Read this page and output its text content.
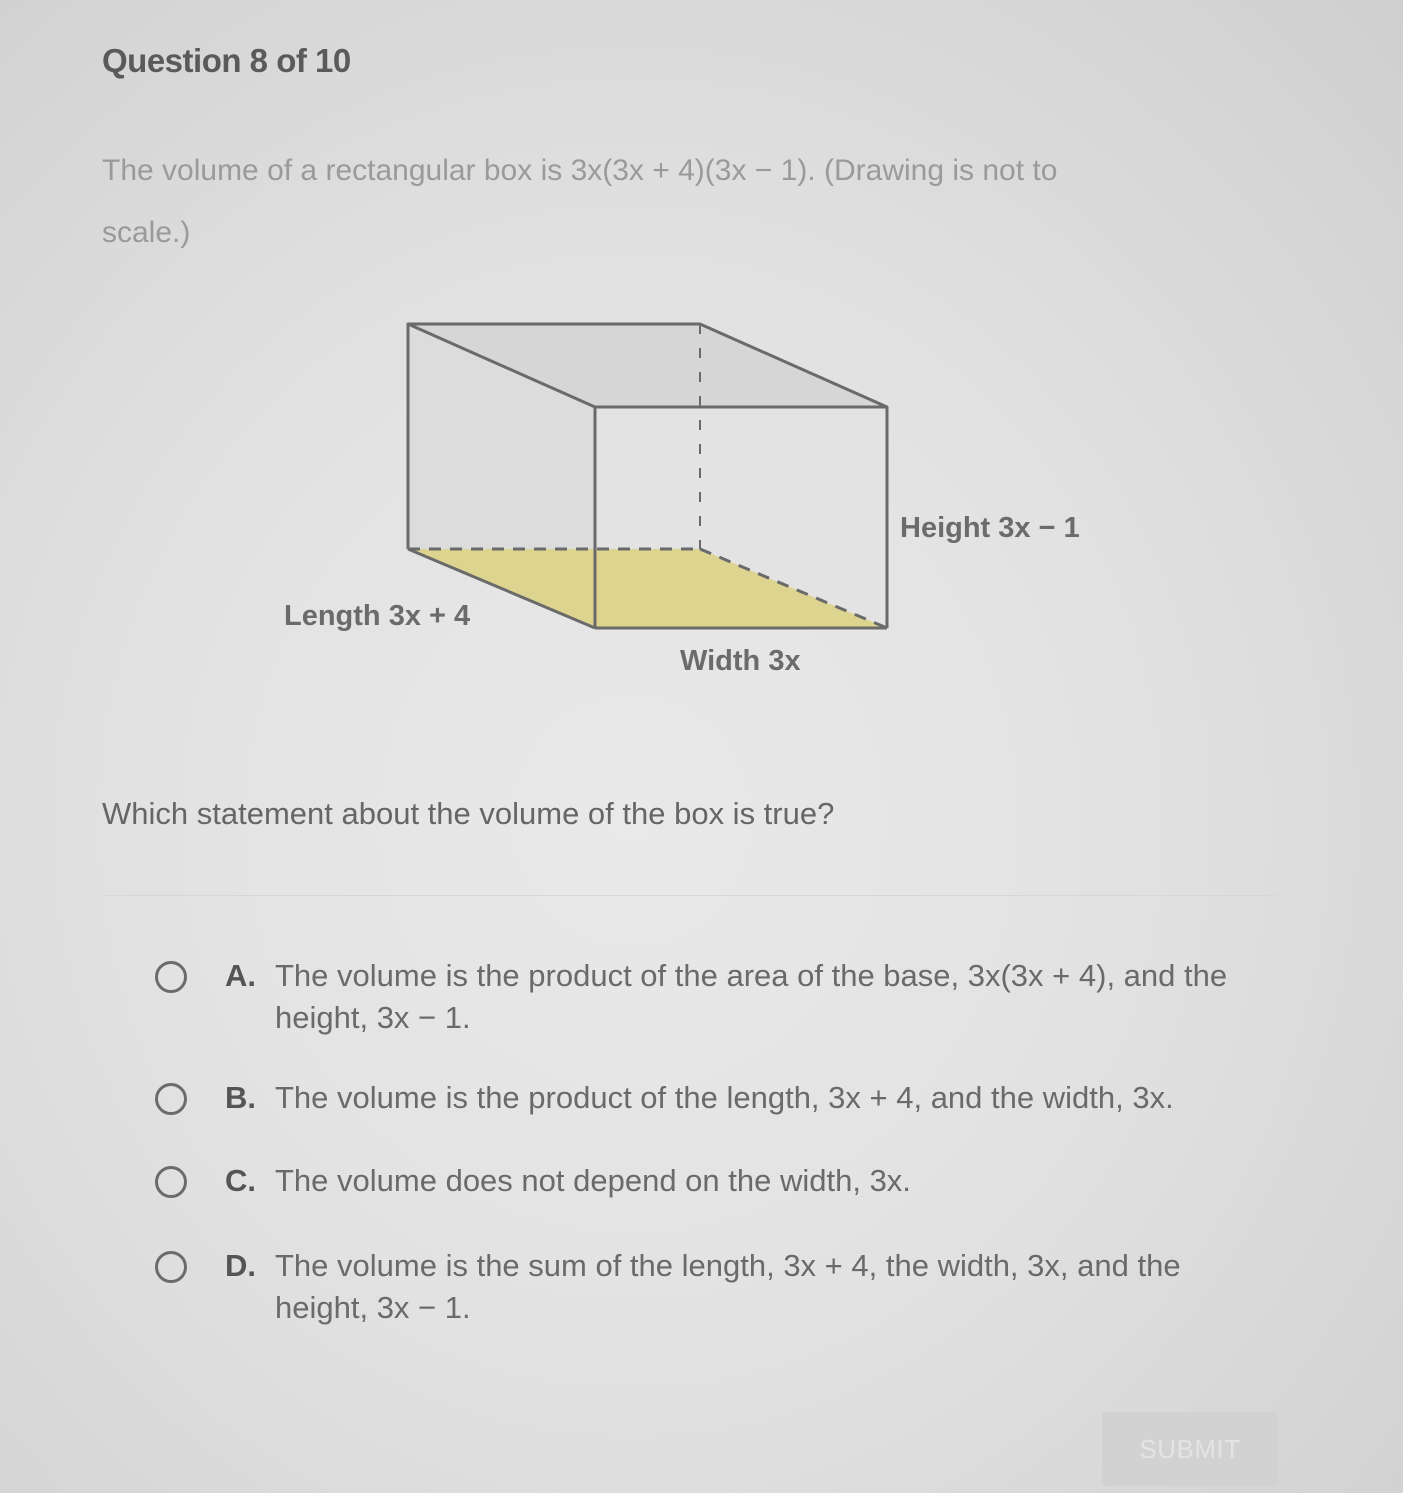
Question 8 of 10
The volume of a rectangular box is 3x(3x + 4)(3x − 1). (Drawing is not to
scale.)
Height 3x − 1
Length 3x + 4
Width 3x
Which statement about the volume of the box is true?
A. The volume is the product of the area of the base, 3x(3x + 4), and the height, 3x − 1.
B. The volume is the product of the length, 3x + 4, and the width, 3x.
C. The volume does not depend on the width, 3x.
D. The volume is the sum of the length, 3x + 4, the width, 3x, and the height, 3x − 1.
SUBMIT
